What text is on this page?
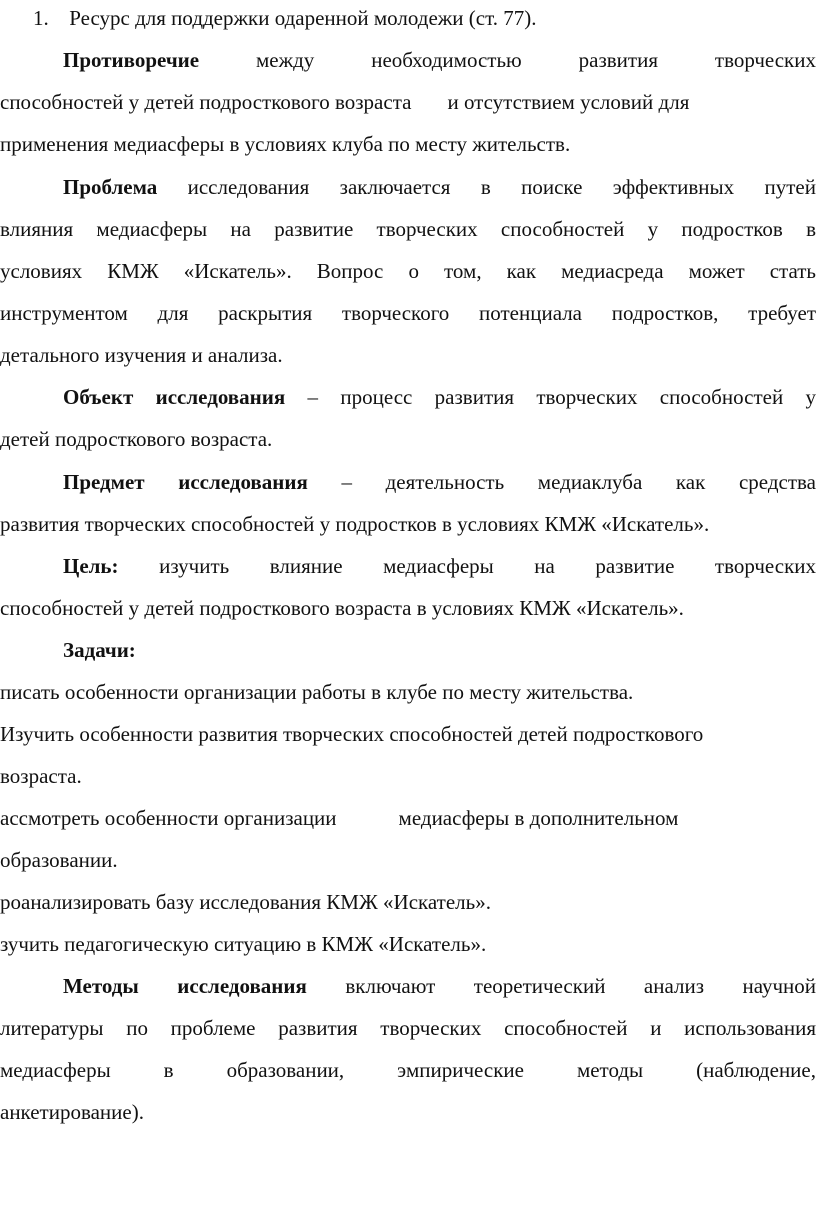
1. Ресурс для поддержки одаренной молодежи (ст. 77).
Противоречие	между необходимостью развития творческих
способностей у детей подросткового возраста и отсутствием условий для
применения медиасферы в условиях клуба по месту жительств.
Проблема исследования заключается в поиске эффективных путей
влияния медиасферы на развитие творческих способностей у подростков в
условиях КМЖ «Искатель». Вопрос о том, как медиасреда может стать
инструментом для раскрытия творческого потенциала подростков, требует
детального изучения и анализа.
Объект исследования – процесс развития творческих способностей у
детей подросткового возраста.
Предмет исследования – деятельность медиаклуба как средства
развития творческих способностей у подростков в условиях КМЖ «Искатель».
Цель: изучить влияние медиасферы на развитие творческих
способностей у детей подросткового возраста в условиях КМЖ «Искатель».
Задачи:
писать особенности организации работы в клубе по месту жительства.
Изучить особенности развития творческих способностей детей подросткового
возраста.
ассмотреть особенности организации	медиасферы в дополнительном
образовании.
роанализировать базу исследования КМЖ «Искатель».
зучить педагогическую ситуацию в КМЖ «Искатель».
Методы исследования включают теоретический анализ научной
литературы по проблеме развития творческих способностей и использования
медиасферы в образовании, эмпирические методы (наблюдение,
анкетирование).
